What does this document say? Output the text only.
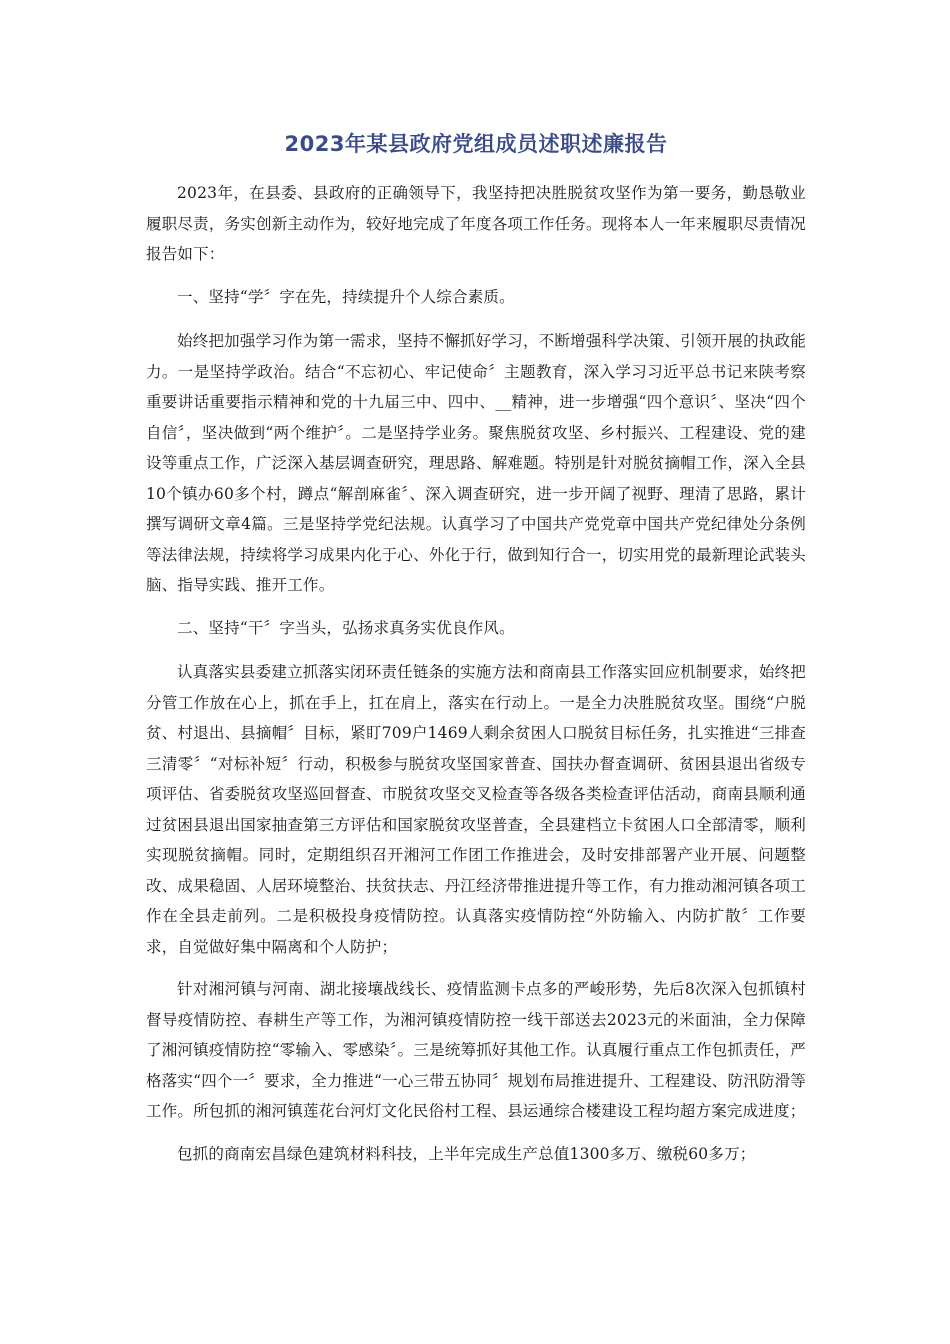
2023年某县政府党组成员述职述廉报告

2023年，在县委、县政府的正确领导下，我坚持把决胜脱贫攻坚作为第一要务，勤恳敬业履职尽责，务实创新主动作为，较好地完成了年度各项工作任务。现将本人一年来履职尽责情况报告如下：

一、坚持“学〞字在先，持续提升个人综合素质。

始终把加强学习作为第一需求，坚持不懈抓好学习，不断增强科学决策、引领开展的执政能力。一是坚持学政治。结合“不忘初心、牢记使命〞主题教育，深入学习习近平总书记来陕考察重要讲话重要指示精神和党的十九届三中、四中、__精神，进一步增强“四个意识〞、坚决“四个自信〞，坚决做到“两个维护〞。二是坚持学业务。聚焦脱贫攻坚、乡村振兴、工程建设、党的建设等重点工作，广泛深入基层调查研究，理思路、解难题。特别是针对脱贫摘帽工作，深入全县10个镇办60多个村，蹲点“解剖麻雀〞、深入调查研究，进一步开阔了视野、理清了思路，累计撰写调研文章4篇。三是坚持学党纪法规。认真学习了中国共产党党章中国共产党纪律处分条例等法律法规，持续将学习成果内化于心、外化于行，做到知行合一，切实用党的最新理论武装头脑、指导实践、推开工作。

二、坚持“干〞字当头，弘扬求真务实优良作风。

认真落实县委建立抓落实闭环责任链条的实施方法和商南县工作落实回应机制要求，始终把分管工作放在心上，抓在手上，扛在肩上，落实在行动上。一是全力决胜脱贫攻坚。围绕“户脱贫、村退出、县摘帽〞目标，紧盯709户1469人剩余贫困人口脱贫目标任务，扎实推进“三排查三清零〞“对标补短〞行动，积极参与脱贫攻坚国家普查、国扶办督查调研、贫困县退出省级专项评估、省委脱贫攻坚巡回督查、市脱贫攻坚交叉检查等各级各类检查评估活动，商南县顺利通过贫困县退出国家抽查第三方评估和国家脱贫攻坚普查，全县建档立卡贫困人口全部清零，顺利实现脱贫摘帽。同时，定期组织召开湘河工作团工作推进会，及时安排部署产业开展、问题整改、成果稳固、人居环境整治、扶贫扶志、丹江经济带推进提升等工作，有力推动湘河镇各项工作在全县走前列。二是积极投身疫情防控。认真落实疫情防控“外防输入、内防扩散〞工作要求，自觉做好集中隔离和个人防护；

针对湘河镇与河南、湖北接壤战线长、疫情监测卡点多的严峻形势，先后8次深入包抓镇村督导疫情防控、春耕生产等工作，为湘河镇疫情防控一线干部送去2023元的米面油，全力保障了湘河镇疫情防控“零输入、零感染〞。三是统筹抓好其他工作。认真履行重点工作包抓责任，严格落实“四个一〞要求，全力推进“一心三带五协同〞规划布局推进提升、工程建设、防汛防滑等工作。所包抓的湘河镇莲花台河灯文化民俗村工程、县运通综合楼建设工程均超方案完成进度；

包抓的商南宏昌绿色建筑材料科技，上半年完成生产总值1300多万、缴税60多万；
